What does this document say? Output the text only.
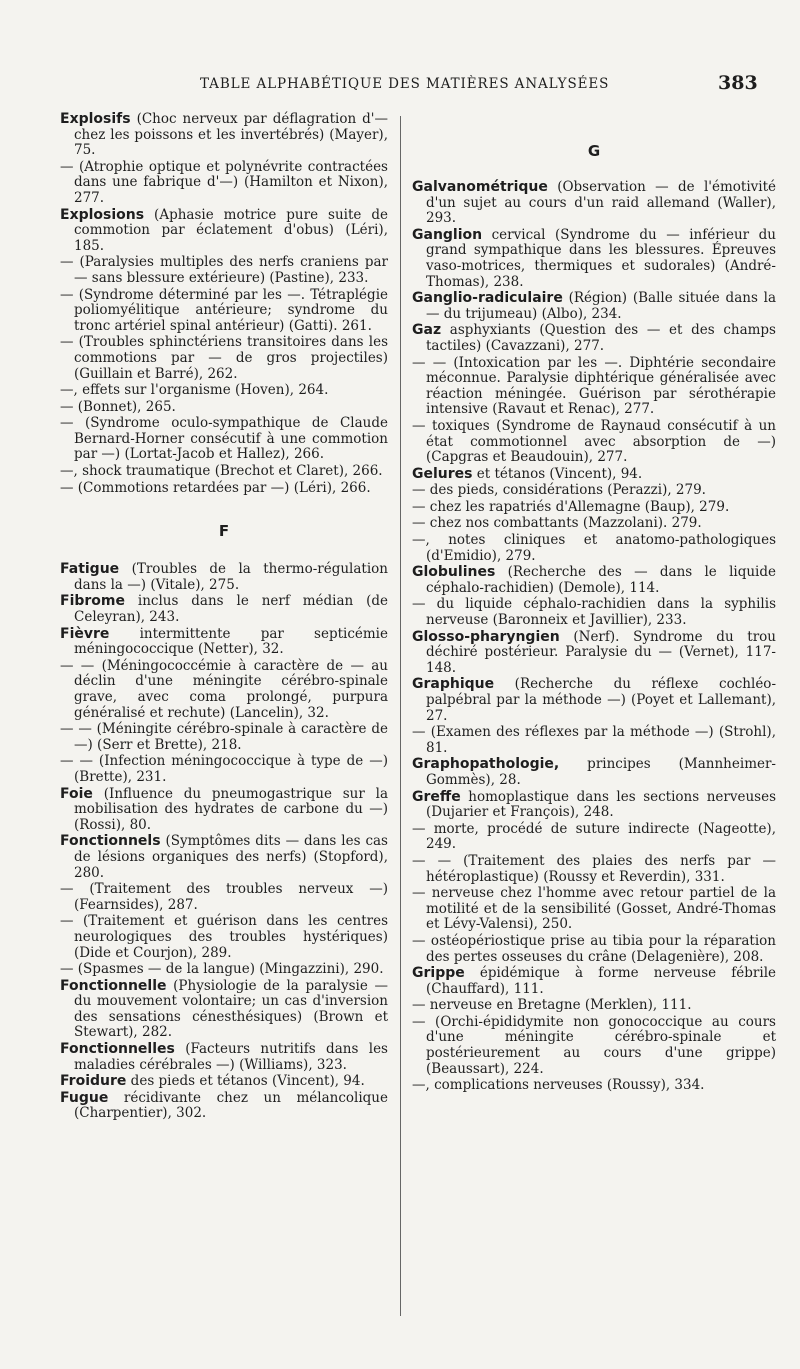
TABLE ALPHABÉTIQUE DES MATIÈRES ANALYSÉES	383

Explosifs (Choc nerveux par déflagration d'— chez les poissons et les invertébrés) (Mayer), 75.

— (Atrophie optique et polynévrite contractées dans une fabrique d'—) (Hamilton et Nixon), 277.

Explosions (Aphasie motrice pure suite de commotion par éclatement d'obus) (Léri), 185.

— (Paralysies multiples des nerfs craniens par — sans blessure extérieure) (Pastine), 233.

— (Syndrome déterminé par les —. Tétraplégie poliomyélitique antérieure; syndrome du tronc artériel spinal antérieur) (Gatti). 261.

— (Troubles sphinctériens transitoires dans les commotions par — de gros projectiles) (Guillain et Barré), 262.

—, effets sur l'organisme (Hoven), 264.

— (Bonnet), 265.

— (Syndrome oculo-sympathique de Claude Bernard-Horner consécutif à une commotion par —) (Lortat-Jacob et Hallez), 266.

—, shock traumatique (Brechot et Claret), 266.

— (Commotions retardées par —) (Léri), 266.

F

Fatigue (Troubles de la thermo-régulation dans la —) (Vitale), 275.

Fibrome inclus dans le nerf médian (de Celeyran), 243.

Fièvre intermittente par septicémie méningococcique (Netter), 32.

— — (Méningococcémie à caractère de — au déclin d'une méningite cérébro-spinale grave, avec coma prolongé, purpura généralisé et rechute) (Lancelin), 32.

— — (Méningite cérébro-spinale à caractère de —) (Serr et Brette), 218.

— — (Infection méningococcique à type de —) (Brette), 231.

Foie (Influence du pneumogastrique sur la mobilisation des hydrates de carbone du —) (Rossi), 80.

Fonctionnels (Symptômes dits — dans les cas de lésions organiques des nerfs) (Stopford), 280.

— (Traitement des troubles nerveux —) (Fearnsides), 287.

— (Traitement et guérison dans les centres neurologiques des troubles hystériques) (Dide et Courjon), 289.

— (Spasmes — de la langue) (Mingazzini), 290.

Fonctionnelle (Physiologie de la paralysie — du mouvement volontaire; un cas d'inversion des sensations cénesthésiques) (Brown et Stewart), 282.

Fonctionnelles (Facteurs nutritifs dans les maladies cérébrales —) (Williams), 323.

Froidure des pieds et tétanos (Vincent), 94.

Fugue récidivante chez un mélancolique (Charpentier), 302.

G

Galvanométrique (Observation — de l'émotivité d'un sujet au cours d'un raid allemand (Waller), 293.

Ganglion cervical (Syndrome du — inférieur du grand sympathique dans les blessures. Épreuves vaso-motrices, thermiques et sudorales) (André-Thomas), 238.

Ganglio-radiculaire (Région) (Balle située dans la — du trijumeau) (Albo), 234.

Gaz asphyxiants (Question des — et des champs tactiles) (Cavazzani), 277.

— — (Intoxication par les —. Diphtérie secondaire méconnue. Paralysie diphtérique généralisée avec réaction méningée. Guérison par sérothérapie intensive (Ravaut et Renac), 277.

— toxiques (Syndrome de Raynaud consécutif à un état commotionnel avec absorption de —) (Capgras et Beaudouin), 277.

Gelures et tétanos (Vincent), 94.

— des pieds, considérations (Perazzi), 279.

— chez les rapatriés d'Allemagne (Baup), 279.

— chez nos combattants (Mazzolani). 279.

—, notes cliniques et anatomo-pathologiques (d'Emidio), 279.

Globulines (Recherche des — dans le liquide céphalo-rachidien) (Demole), 114.

— du liquide céphalo-rachidien dans la syphilis nerveuse (Baronneix et Javillier), 233.

Glosso-pharyngien (Nerf). Syndrome du trou déchiré postérieur. Paralysie du — (Vernet), 117-148.

Graphique (Recherche du réflexe cochléo-palpébral par la méthode —) (Poyet et Lallemant), 27.

— (Examen des réflexes par la méthode —) (Strohl), 81.

Graphopathologie, principes (Mannheimer-Gommès), 28.

Greffe homoplastique dans les sections nerveuses (Dujarier et François), 248.

— morte, procédé de suture indirecte (Nageotte), 249.

— — (Traitement des plaies des nerfs par — hétéroplastique) (Roussy et Reverdin), 331.

— nerveuse chez l'homme avec retour partiel de la motilité et de la sensibilité (Gosset, André-Thomas et Lévy-Valensi), 250.

— ostéopériostique prise au tibia pour la réparation des pertes osseuses du crâne (Delagenière), 208.

Grippe épidémique à forme nerveuse fébrile (Chauffard), 111.

— nerveuse en Bretagne (Merklen), 111.

— (Orchi-épididymite non gonococcique au cours d'une méningite cérébro-spinale et postérieurement au cours d'une grippe) (Beaussart), 224.

—, complications nerveuses (Roussy), 334.
